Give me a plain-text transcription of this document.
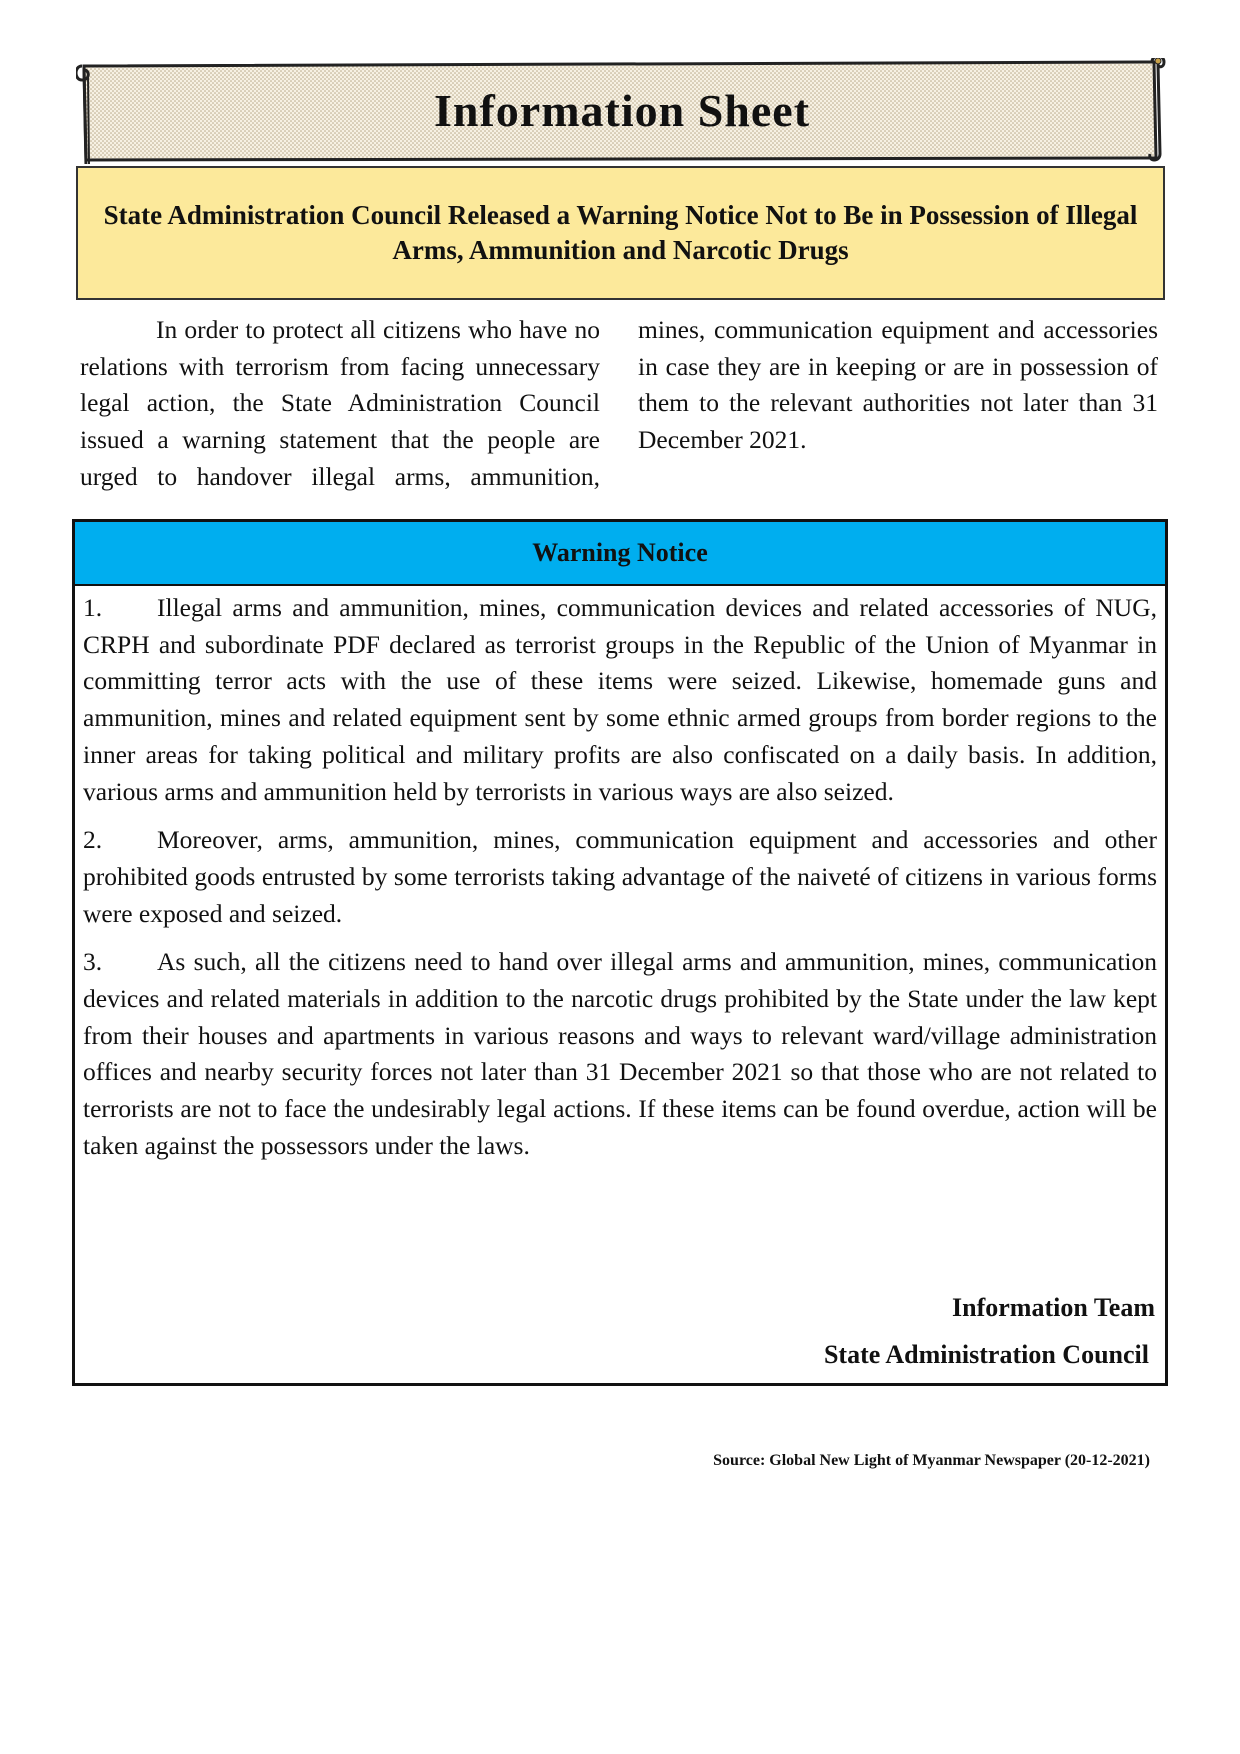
Information Sheet
State Administration Council Released a Warning Notice Not to Be in Possession of Illegal Arms, Ammunition and Narcotic Drugs

In order to protect all citizens who have no relations with terrorism from facing unnecessary legal action, the State Administration Council issued a warning statement that the people are urged to handover illegal arms, ammunition, mines, communication equipment and accessories in case they are in keeping or are in possession of them to the relevant authorities not later than 31 December 2021.

Warning Notice

1. Illegal arms and ammunition, mines, communication devices and related accessories of NUG, CRPH and subordinate PDF declared as terrorist groups in the Republic of the Union of Myanmar in committing terror acts with the use of these items were seized. Likewise, homemade guns and ammunition, mines and related equipment sent by some ethnic armed groups from border regions to the inner areas for taking political and military profits are also confiscated on a daily basis. In addition, various arms and ammunition held by terrorists in various ways are also seized.

2. Moreover, arms, ammunition, mines, communication equipment and accessories and other prohibited goods entrusted by some terrorists taking advantage of the naiveté of citizens in various forms were exposed and seized.

3. As such, all the citizens need to hand over illegal arms and ammunition, mines, communication devices and related materials in addition to the narcotic drugs prohibited by the State under the law kept from their houses and apartments in various reasons and ways to relevant ward/village administration offices and nearby security forces not later than 31 December 2021 so that those who are not related to terrorists are not to face the undesirably legal actions. If these items can be found overdue, action will be taken against the possessors under the laws.

Information Team
State Administration Council
Source: Global New Light of Myanmar Newspaper (20-12-2021)
